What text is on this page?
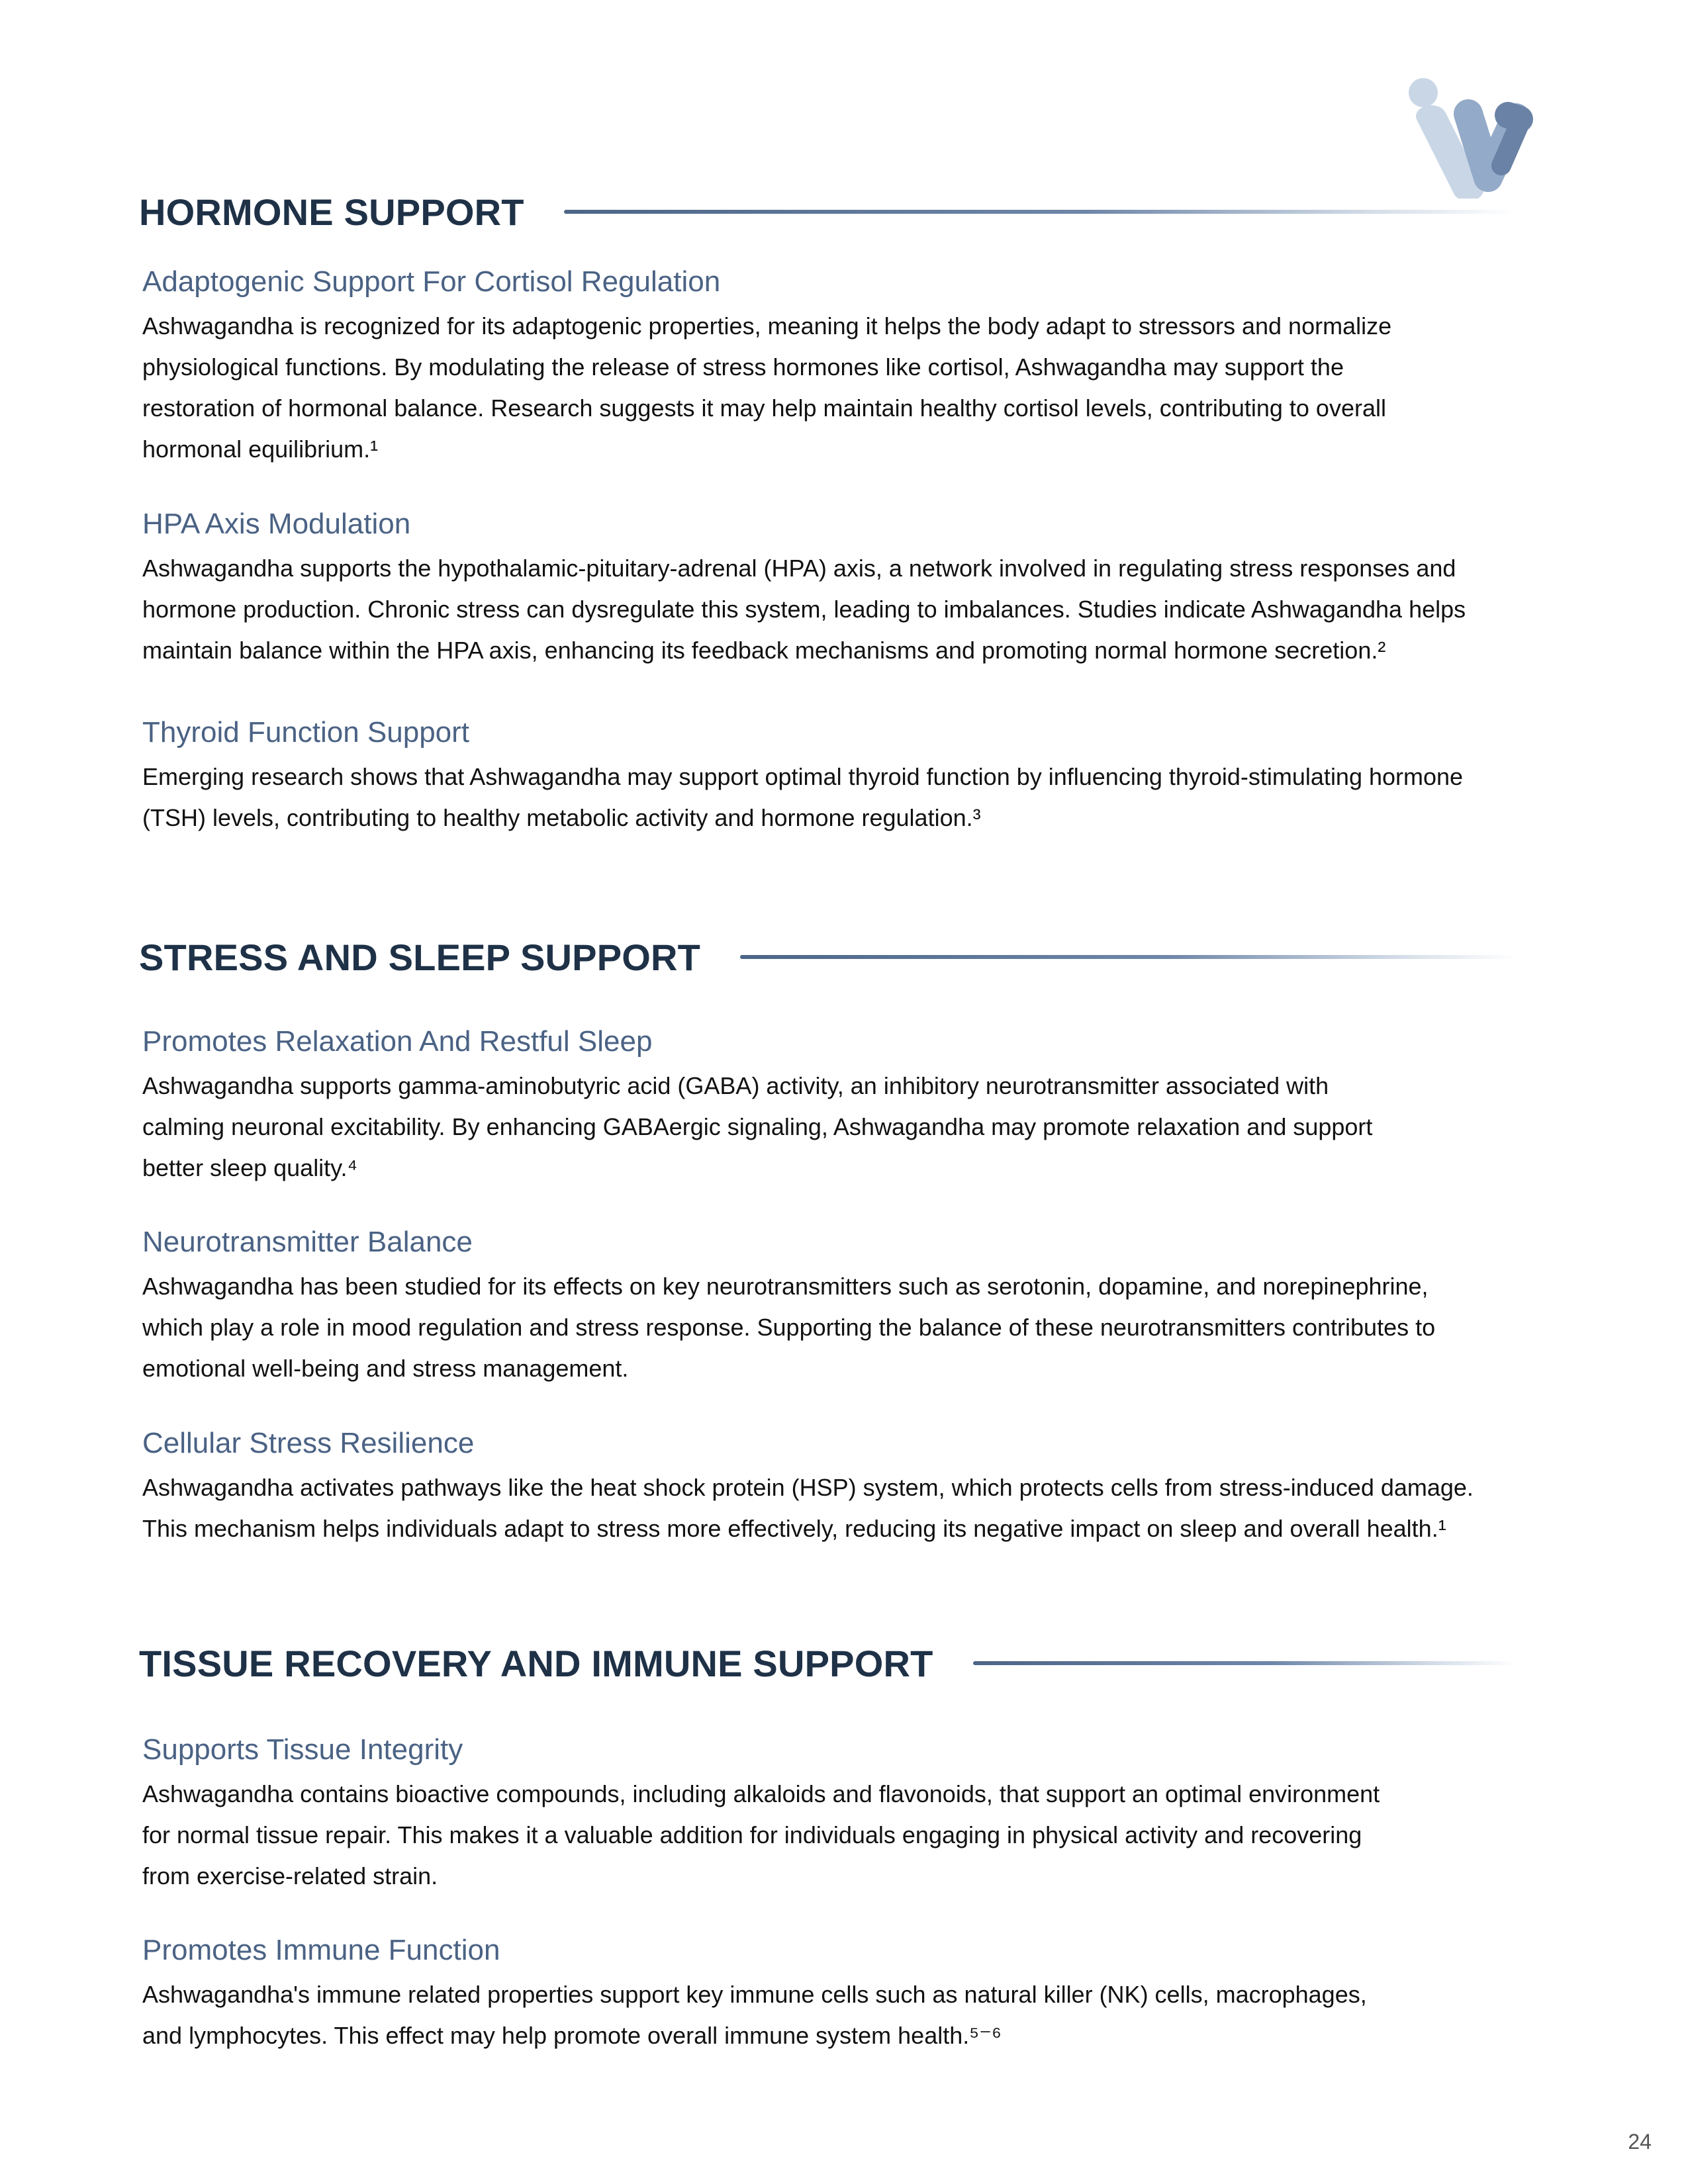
HORMONE SUPPORT

Adaptogenic Support For Cortisol Regulation

Ashwagandha is recognized for its adaptogenic properties, meaning it helps the body adapt to stressors and normalize
physiological functions. By modulating the release of stress hormones like cortisol, Ashwagandha may support the
restoration of hormonal balance. Research suggests it may help maintain healthy cortisol levels, contributing to overall
hormonal equilibrium.¹

HPA Axis Modulation

Ashwagandha supports the hypothalamic-pituitary-adrenal (HPA) axis, a network involved in regulating stress responses and
hormone production. Chronic stress can dysregulate this system, leading to imbalances. Studies indicate Ashwagandha helps
maintain balance within the HPA axis, enhancing its feedback mechanisms and promoting normal hormone secretion.²

Thyroid Function Support

Emerging research shows that Ashwagandha may support optimal thyroid function by influencing thyroid-stimulating hormone
(TSH) levels, contributing to healthy metabolic activity and hormone regulation.³

STRESS AND SLEEP SUPPORT

Promotes Relaxation And Restful Sleep

Ashwagandha supports gamma-aminobutyric acid (GABA) activity, an inhibitory neurotransmitter associated with
calming neuronal excitability. By enhancing GABAergic signaling, Ashwagandha may promote relaxation and support
better sleep quality.⁴

Neurotransmitter Balance

Ashwagandha has been studied for its effects on key neurotransmitters such as serotonin, dopamine, and norepinephrine,
which play a role in mood regulation and stress response. Supporting the balance of these neurotransmitters contributes to
emotional well-being and stress management.

Cellular Stress Resilience

Ashwagandha activates pathways like the heat shock protein (HSP) system, which protects cells from stress-induced damage.
This mechanism helps individuals adapt to stress more effectively, reducing its negative impact on sleep and overall health.¹

TISSUE RECOVERY AND IMMUNE SUPPORT

Supports Tissue Integrity

Ashwagandha contains bioactive compounds, including alkaloids and flavonoids, that support an optimal environment
for normal tissue repair. This makes it a valuable addition for individuals engaging in physical activity and recovering
from exercise-related strain.

Promotes Immune Function

Ashwagandha's immune related properties support key immune cells such as natural killer (NK) cells, macrophages,
and lymphocytes. This effect may help promote overall immune system health.⁵⁻⁶

24
